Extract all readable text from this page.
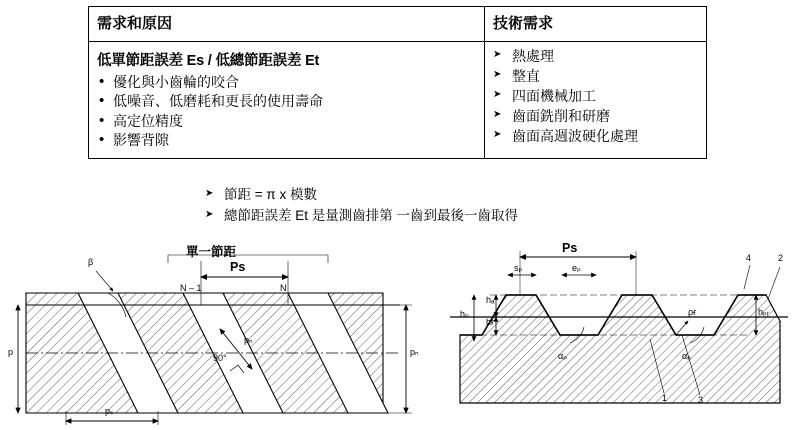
需求和原因	技術需求

低單節距誤差 Es / 低總節距誤差 Et
• 優化與小齒輪的咬合
• 低噪音、低磨耗和更長的使用壽命
• 高定位精度
• 影響背隙

➤ 熱處理
➤ 整直
➤ 四面機械加工
➤ 齒面銑削和研磨
➤ 齒面高週波硬化處理
➤ 節距 = π x 模數
➤ 總節距誤差 Et 是量測齒排第 一齒到最後一齒取得
單一節距
Ps
N – 1	N
β
pₙ
90°
p	pₙ
pₛ
Ps
sₚ	eₚ
hₐ
hғ
hₚ	hₚᵣ
αₚ	αₚ
ρғ
1
2
3
4
